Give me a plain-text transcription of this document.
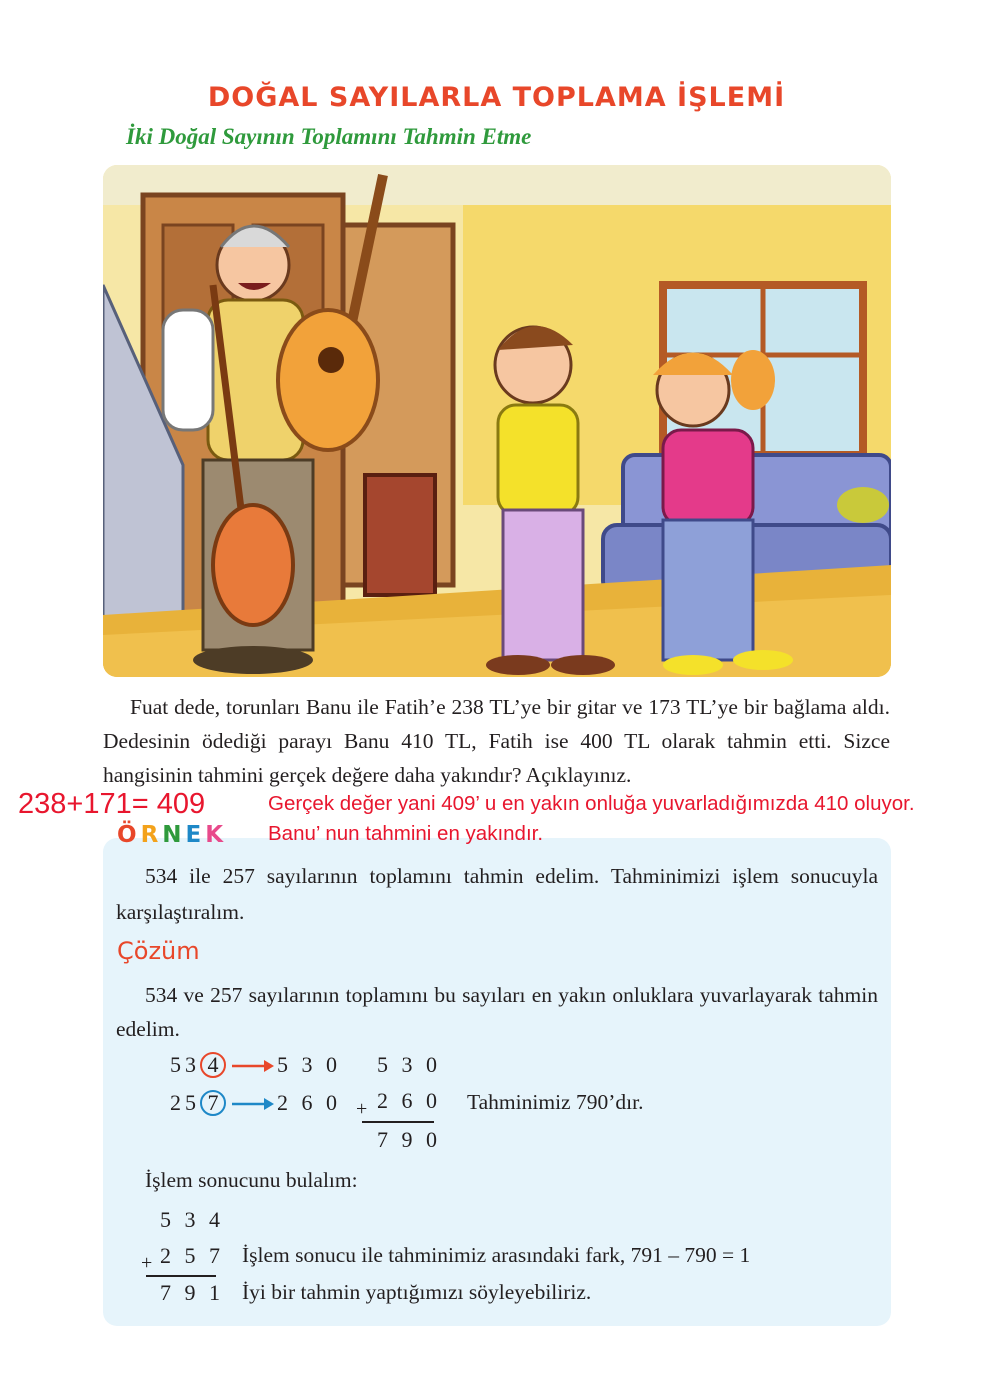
DOĞAL SAYILARLA TOPLAMA İŞLEMİ
İki Doğal Sayının Toplamını Tahmin Etme

Fuat dede, torunları Banu ile Fatih’e 238 TL’ye bir gitar ve 173 TL’ye bir bağlama aldı. Dedesinin ödediği parayı Banu 410 TL, Fatih ise 400 TL olarak tahmin etti. Sizce hangisinin tahmini gerçek değere daha yakındır? Açıklayınız.

238+171= 409	Gerçek değer yani 409’ u en yakın onluğa yuvarladığımızda 410 oluyor. Banu’ nun tahmini en yakındır.
ÖRNEK

534 ile 257 sayılarının toplamını tahmin edelim. Tahminimizi işlem sonucuyla karşılaştıralım.

Çözüm

534 ve 257 sayılarının toplamını bu sayıları en yakın onluklara yuvarlayarak tahmin edelim.

53 4	5 3 0
25 7	2 6 0
5 3 0
+ 2 6 0
7 9 0
Tahminimiz 790’dır.
İşlem sonucunu bulalım:
5 3 4
+ 2 5 7
7 9 1
İşlem sonucu ile tahminimiz arasındaki fark, 791 – 790 = 1
İyi bir tahmin yaptığımızı söyleyebiliriz.
